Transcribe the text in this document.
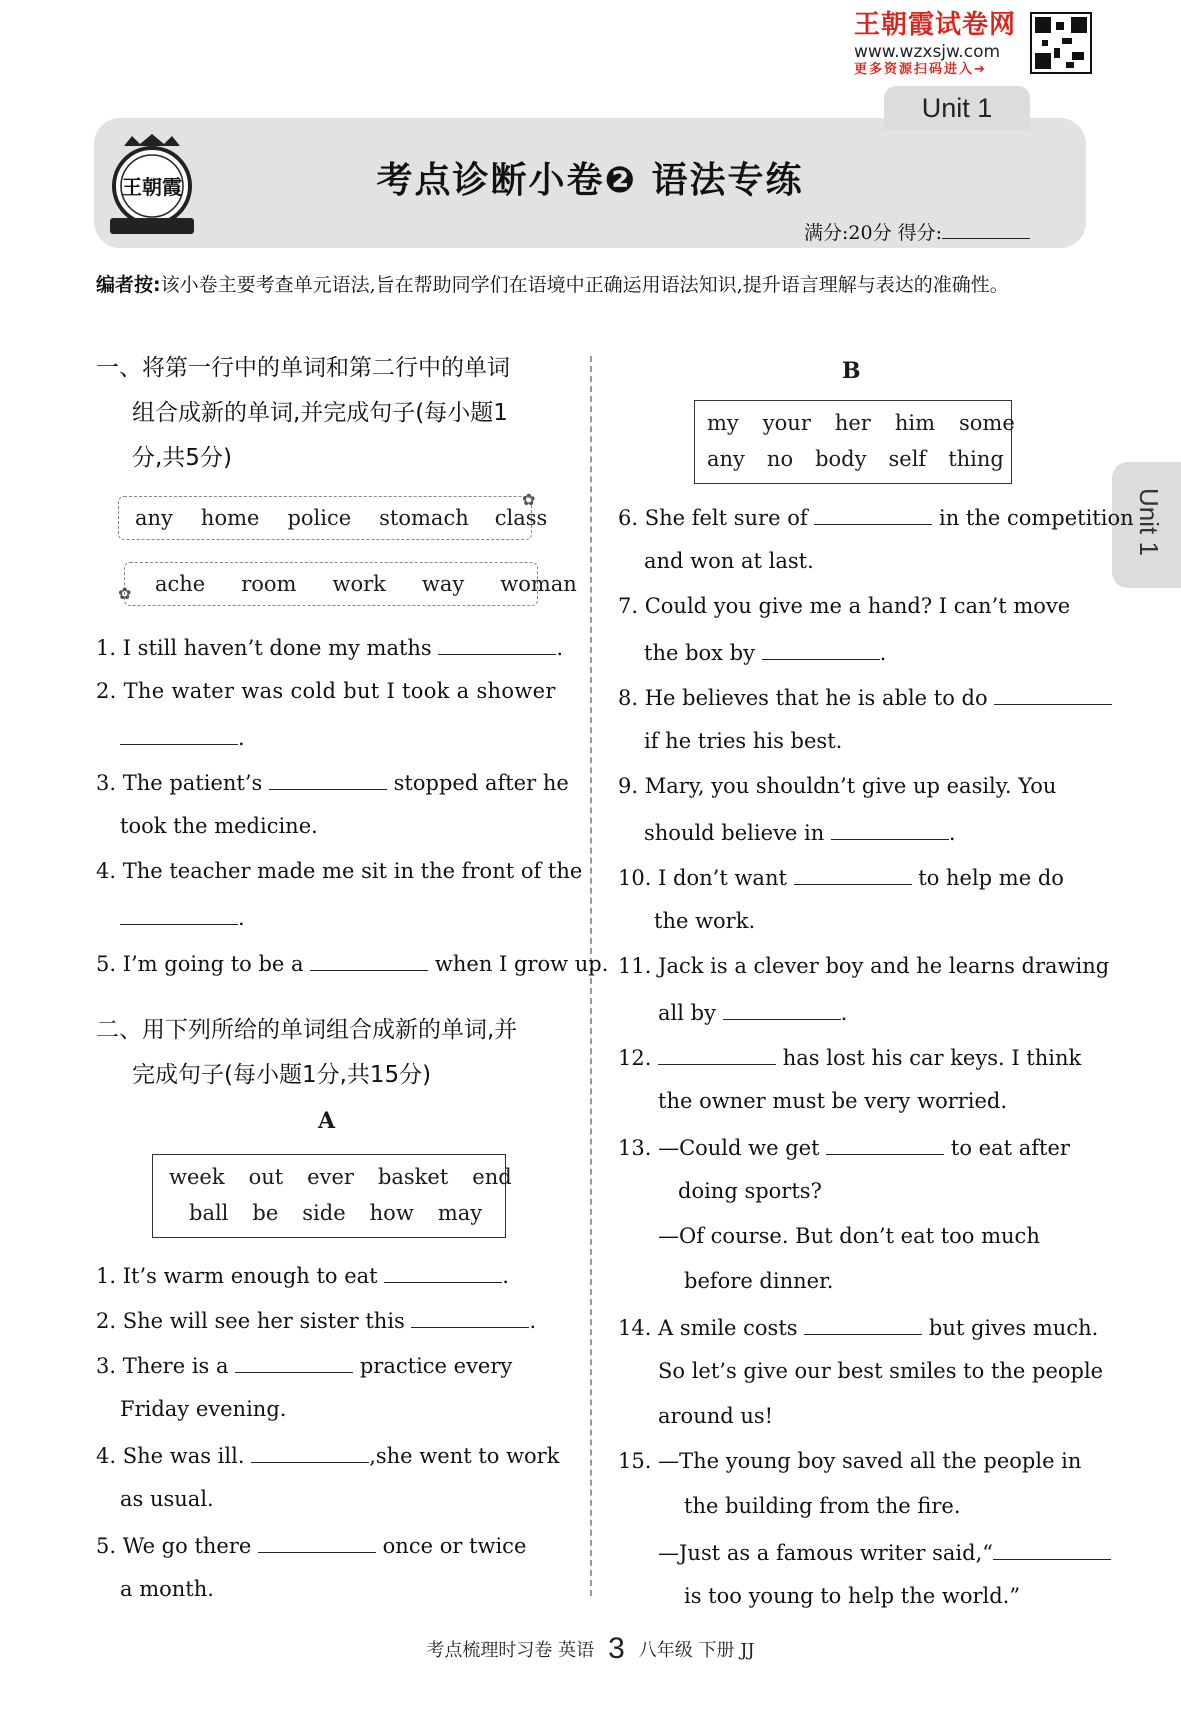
王朝霞试卷网
www.wzxsjw.com
更多资源扫码进入➔
Unit 1
王朝霞	考点诊断小卷❷ 语法专练
满分:20分 得分:
编者按:该小卷主要考查单元语法,旨在帮助同学们在语境中正确运用语法知识,提升语言理解与表达的准确性。
Unit 1
一、将第一行中的单词和第二行中的单词
组合成新的单词,并完成句子(每小题1
分,共5分)
any home police stomach class
✿
ache room work way woman
✿
1. I still haven’t done my maths	.
2. The water was cold but I took a shower
.
3. The patient’s	stopped after he
took the medicine.
4. The teacher made me sit in the front of the
.
5. I’m going to be a	when I grow up.
二、用下列所给的单词组合成新的单词,并
完成句子(每小题1分,共15分)
A
week out ever basket end
ball be side how may
1. It’s warm enough to eat	.
2. She will see her sister this	.
3. There is a	practice every
Friday evening.
4. She was ill.	,she went to work
as usual.
5. We go there	once or twice
a month.
B
my your her him some
any no body self thing
6. She felt sure of	in the competition
and won at last.
7. Could you give me a hand? I can’t move
the box by	.
8. He believes that he is able to do
if he tries his best.
9. Mary, you shouldn’t give up easily. You
should believe in	.
10. I don’t want	to help me do
the work.
11. Jack is a clever boy and he learns drawing
all by	.
12.	has lost his car keys. I think
the owner must be very worried.
13. —Could we get	to eat after
doing sports?
—Of course. But don’t eat too much
before dinner.
14. A smile costs	but gives much.
So let’s give our best smiles to the people
around us!
15. —The young boy saved all the people in
the building from the fire.
—Just as a famous writer said,“
is too young to help the world.”
考点梳理时习卷 英语 3 八年级 下册 JJ
